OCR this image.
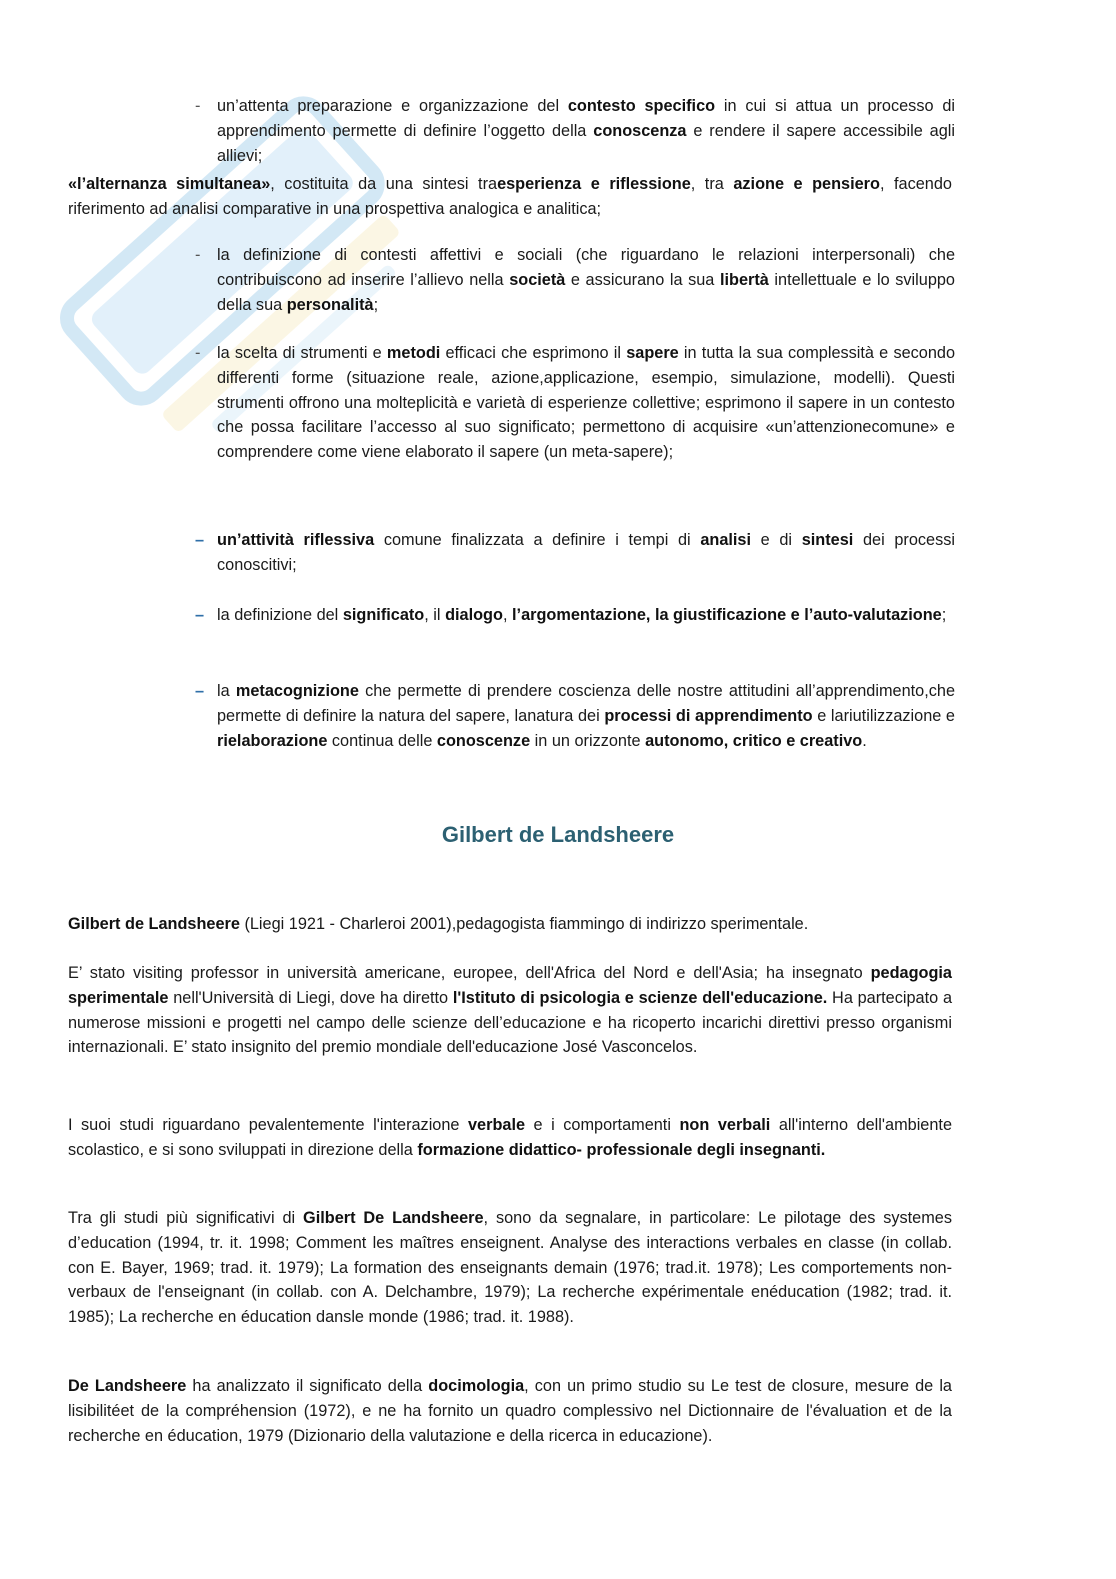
- un’attenta preparazione e organizzazione del contesto specifico in cui si attua un processo di apprendimento permette di definire l’oggetto della conoscenza e rendere il sapere accessibile agli allievi;

«l’alternanza simultanea», costituita da una sintesi traesperienza e riflessione, tra azione e pensiero, facendo riferimento ad analisi comparative in una prospettiva analogica e analitica;

- la definizione di contesti affettivi e sociali (che riguardano le relazioni interpersonali) che contribuiscono ad inserire l’allievo nella società e assicurano la sua libertà intellettuale e lo sviluppo della sua personalità;

- la scelta di strumenti e metodi efficaci che esprimono il sapere in tutta la sua complessità e secondo differenti forme (situazione reale, azione,applicazione, esempio, simulazione, modelli). Questi strumenti offrono una molteplicità e varietà di esperienze collettive; esprimono il sapere in un contesto che possa facilitare l’accesso al suo significato; permettono di acquisire «un’attenzionecomune» e comprendere come viene elaborato il sapere (un meta-sapere);

– un’attività riflessiva comune finalizzata a definire i tempi di analisi e di sintesi dei processi conoscitivi;

– la definizione del significato, il dialogo, l’argomentazione, la giustificazione e l’auto-valutazione;

– la metacognizione che permette di prendere coscienza delle nostre attitudini all’apprendimento,che permette di definire la natura del sapere, lanatura dei processi di apprendimento e lariutilizzazione e rielaborazione continua delle conoscenze in un orizzonte autonomo, critico e creativo.

Gilbert de Landsheere

Gilbert de Landsheere (Liegi 1921 - Charleroi 2001),pedagogista fiammingo di indirizzo sperimentale.

E’ stato visiting professor in università americane, europee, dell'Africa del Nord e dell'Asia; ha insegnato pedagogia sperimentale nell'Università di Liegi, dove ha diretto l'Istituto di psicologia e scienze dell'educazione. Ha partecipato a numerose missioni e progetti nel campo delle scienze dell’educazione e ha ricoperto incarichi direttivi presso organismi internazionali. E’ stato insignito del premio mondiale dell'educazione José Vasconcelos.

I suoi studi riguardano pevalentemente l'interazione verbale e i comportamenti non verbali all'interno dell'ambiente scolastico, e si sono sviluppati in direzione della formazione didattico- professionale degli insegnanti.

Tra gli studi più significativi di Gilbert De Landsheere, sono da segnalare, in particolare: Le pilotage des systemes d’education (1994, tr. it. 1998; Comment les maîtres enseignent. Analyse des interactions verbales en classe (in collab. con E. Bayer, 1969; trad. it. 1979); La formation des enseignants demain (1976; trad.it. 1978); Les comportements non-verbaux de l'enseignant (in collab. con A. Delchambre, 1979); La recherche expérimentale enéducation (1982; trad. it. 1985); La recherche en éducation dansle monde (1986; trad. it. 1988).

De Landsheere ha analizzato il significato della docimologia, con un primo studio su Le test de closure, mesure de la lisibilitéet de la compréhension (1972), e ne ha fornito un quadro complessivo nel Dictionnaire de l'évaluation et de la recherche en éducation, 1979 (Dizionario della valutazione e della ricerca in educazione).
